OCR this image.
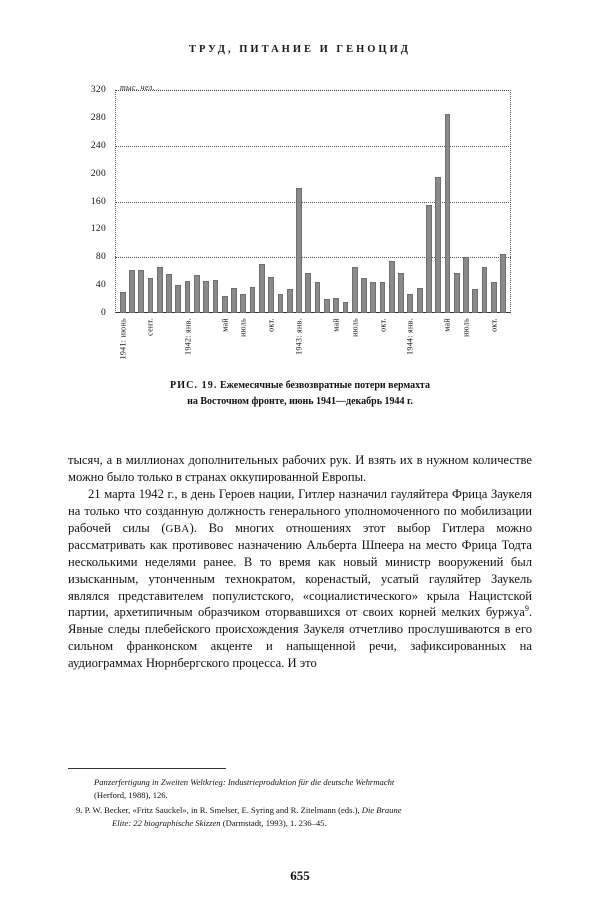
ТРУД, ПИТАНИЕ И ГЕНОЦИД
тыс. чел.
0
40
80
120
160
200
240
280
320
1941: июнь сент.	1942: янв.	май июль окт. 1943: янв.	май июль окт. 1944: янв.	май июль окт.
РИС. 19. Ежемесячные безвозвратные потери вермахта
на Восточном фронте, июнь 1941—декабрь 1944 г.

тысяч, а в миллионах дополнительных рабочих рук. И взять их в нужном количестве можно было только в странах оккупированной Европы.

21 марта 1942 г., в день Героев нации, Гитлер назначил гауляйтера Фрица Заукеля на только что созданную должность генерального уполномоченного по мобилизации рабочей силы (GBA). Во многих отношениях этот выбор Гитлера можно рассматривать как противовес назначению Альберта Шпеера на место Фрица Тодта несколькими неделями ранее. В то время как новый министр вооружений был изысканным, утонченным технократом, коренастый, усатый гауляйтер Заукель являлся представителем популистского, «социалистического» крыла Нацистской партии, архетипичным образчиком оторвавшихся от своих корней мелких буржуа$^9$. Явные следы плебейского происхождения Заукеля отчетливо прослушиваются в его сильном франконском акценте и напыщенной речи, зафиксированных на аудиограммах Нюрнбергского процесса. И это

Panzerfertigung in Zweiten Weltkrieg: Industrieproduktion für die deutsche Wehrmacht
(Herford, 1988), 126.

9. P. W. Becker, «Fritz Sauckel», in R. Smelser, E. Syring and R. Zitelmann (eds.), Die Braune
Elite: 22 biographische Skizzen (Darmstadt, 1993), 1. 236–45.

655
